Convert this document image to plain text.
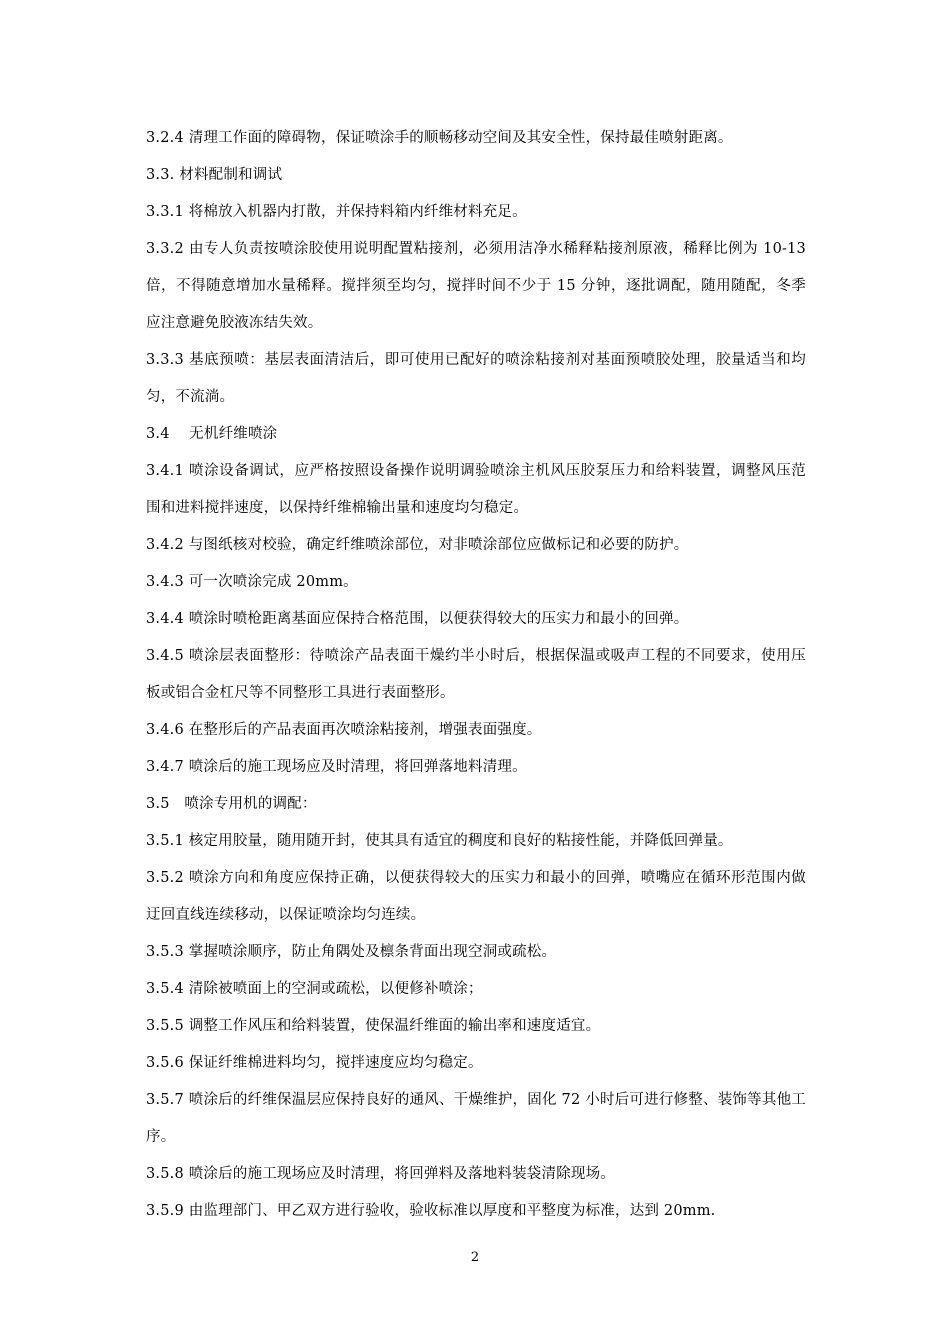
3.2.4 清理工作面的障碍物，保证喷涂手的顺畅移动空间及其安全性，保持最佳喷射距离。

3.3. 材料配制和调试

3.3.1 将棉放入机器内打散，并保持料箱内纤维材料充足。

3.3.2 由专人负责按喷涂胶使用说明配置粘接剂，必须用洁净水稀释粘接剂原液，稀释比例为 10-13 倍，不得随意增加水量稀释。搅拌须至均匀，搅拌时间不少于 15 分钟，逐批调配，随用随配，冬季应注意避免胶液冻结失效。

3.3.3 基底预喷：基层表面清洁后，即可使用已配好的喷涂粘接剂对基面预喷胶处理，胶量适当和均匀，不流淌。

3.4　 无机纤维喷涂

3.4.1 喷涂设备调试，应严格按照设备操作说明调验喷涂主机风压胶泵压力和给料装置，调整风压范围和进料搅拌速度，以保持纤维棉输出量和速度均匀稳定。

3.4.2 与图纸核对校验，确定纤维喷涂部位，对非喷涂部位应做标记和必要的防护。

3.4.3 可一次喷涂完成 20mm。

3.4.4 喷涂时喷枪距离基面应保持合格范围，以便获得较大的压实力和最小的回弹。

3.4.5 喷涂层表面整形：待喷涂产品表面干燥约半小时后，根据保温或吸声工程的不同要求，使用压板或铝合金杠尺等不同整形工具进行表面整形。

3.4.6 在整形后的产品表面再次喷涂粘接剂，增强表面强度。

3.4.7 喷涂后的施工现场应及时清理，将回弹落地料清理。

3.5　喷涂专用机的调配：

3.5.1 核定用胶量，随用随开封，使其具有适宜的稠度和良好的粘接性能，并降低回弹量。

3.5.2 喷涂方向和角度应保持正确，以便获得较大的压实力和最小的回弹，喷嘴应在循环形范围内做迂回直线连续移动，以保证喷涂均匀连续。

3.5.3 掌握喷涂顺序，防止角隅处及檩条背面出现空洞或疏松。

3.5.4 清除被喷面上的空洞或疏松，以便修补喷涂；

3.5.5 调整工作风压和给料装置，使保温纤维面的输出率和速度适宜。

3.5.6 保证纤维棉进料均匀，搅拌速度应均匀稳定。

3.5.7 喷涂后的纤维保温层应保持良好的通风、干燥维护，固化 72 小时后可进行修整、装饰等其他工序。

3.5.8 喷涂后的施工现场应及时清理，将回弹料及落地料装袋清除现场。

3.5.9 由监理部门、甲乙双方进行验收，验收标准以厚度和平整度为标准，达到 20mm.

2
